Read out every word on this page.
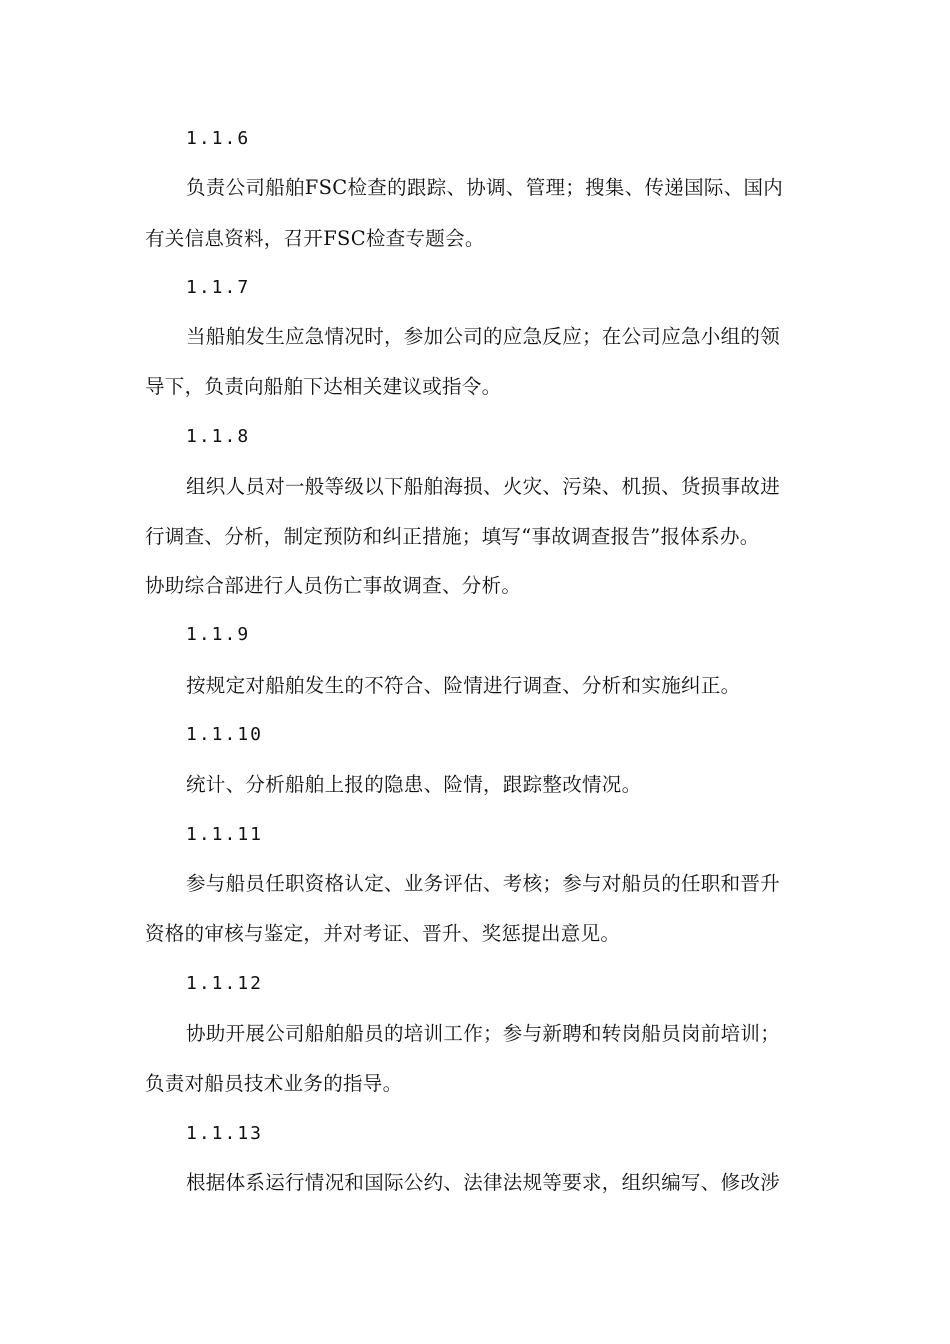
1.1.6
负责公司船舶FSC检查的跟踪、协调、管理；搜集、传递国际、国内
有关信息资料，召开FSC检查专题会。
1.1.7
当船舶发生应急情况时，参加公司的应急反应；在公司应急小组的领
导下，负责向船舶下达相关建议或指令。
1.1.8
组织人员对一般等级以下船舶海损、火灾、污染、机损、货损事故进
行调查、分析，制定预防和纠正措施；填写“事故调查报告”报体系办。
协助综合部进行人员伤亡事故调查、分析。
1.1.9
按规定对船舶发生的不符合、险情进行调查、分析和实施纠正。
1.1.10
统计、分析船舶上报的隐患、险情，跟踪整改情况。
1.1.11
参与船员任职资格认定、业务评估、考核；参与对船员的任职和晋升
资格的审核与鉴定，并对考证、晋升、奖惩提出意见。
1.1.12
协助开展公司船舶船员的培训工作；参与新聘和转岗船员岗前培训；
负责对船员技术业务的指导。
1.1.13
根据体系运行情况和国际公约、法律法规等要求，组织编写、修改涉
